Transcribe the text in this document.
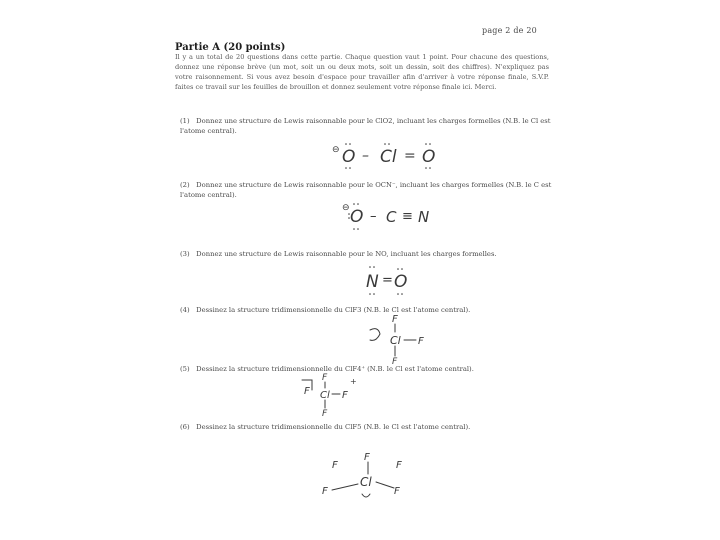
page 2 de 20
Partie A (20 points)
Il y a un total de 20 questions dans cette partie. Chaque question vaut 1 point. Pour chacune des questions, donnez une réponse brève (un mot, soit un ou deux mots, soit un dessin, soit des chiffres). N'expliquez pas votre raisonnement. Si vous avez besoin d'espace pour travailler afin d'arriver à votre réponse finale, S.V.P. faites ce travail sur les feuilles de brouillon et donnez seulement votre réponse finale ici. Merci.
(1) Donnez une structure de Lewis raisonnable pour le ClO2, incluant les charges formelles (N.B. le Cl est l'atome central).
⊖ O – Cl = O
(2) Donnez une structure de Lewis raisonnable pour le OCN⁻, incluant les charges formelles (N.B. le C est l'atome central).
⊖ O – C ≡ N
(3) Donnez une structure de Lewis raisonnable pour le NO, incluant les charges formelles.
N = O
(4) Dessinez la structure tridimensionnelle du ClF3 (N.B. le Cl est l'atome central).
F
Cl F
F
(5) Dessinez la structure tridimensionnelle du ClF4⁺ (N.B. le Cl est l'atome central).
F
F Cl F
F
+
(6) Dessinez la structure tridimensionnelle du ClF5 (N.B. le Cl est l'atome central).
F
F	F
F	F
Cl
